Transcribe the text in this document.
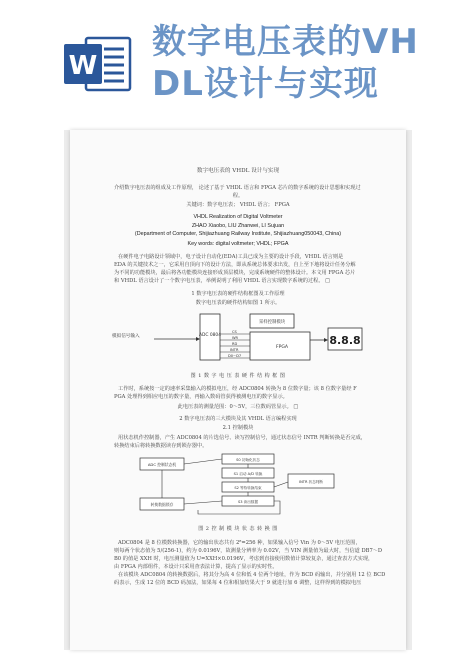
W
数字电压表的VH
DL设计与实现
数字电压表的 VHDL 设计与实现
介绍数字电压表的组成及工作原理， 论述了基于 VHDL 语言和 FPGA 芯片的数字系统的设计思想和实现过
程。
关键词：数字电压表； VHDL 语言； FPGA
VHDL Realization of Digital Voltmeter
ZHAO Xiaobo, LIU Zhanwei, LI Sujuan
(Department of Computer, Shijiazhuang Railway Institute, Shijiazhuang050043, China)
Key words: digital voltmeter; VHDL; FPGA
在硬件电子电路设计领域中，电子设计自动化(EDA)工具已成为主要的设计手段，VHDL 语言则是
EDA 的关键技术之一，它采用自顶向下的设计方法，即从系统总体要求出发，自上至下地将设计任务分解
为不同的功能模块，最后将各功能模块连接形成顶层模块，完成系统硬件的整体设计。本文用 FPGA 芯片
和 VHDL 语言设计了一个数字电压表，举例说明了利用 VHDL 语言实现数字系统的过程。 □
1 数字电压表的硬件结构框图及工作原理
数字电压表的硬件结构如图 1 所示。
模拟信号输入	ADC 0804
采样控制模块
CS
WR
RD
INTR
D0~D7
FPGA
8.8.8
图 1 数 字 电 压 表 硬 件 结 构 框 图
工作时，系统按一定的速率采集输入的模拟电压，经 ADC0804 转换为 8 位数字量；该 8 位数字量经 F
PGA 处理得到相应电压的数字量，再输入数码管获得被测电压的数字显示。
此电压表的测量范围：0～5V，三位数码管显示。 □
2 数字电压表的三大模块及其 VHDL 语言编程实现
2.1 控制模块
用状态机作控制器，产生 ADC0804 的片选信号、读写控制信号，通过状态信号 INTR 判断转换是否完成，
转换结束后将转换数据读存到锁存器中。
ADC 控制状态机
转换数据锁存
S0 初始化状态
S1 启动 A/D 转换
S2 等待转换结束
S3 读出数据
INTR 状态判断
图 2 控 制 模 块 状 态 转 换 图
ADC0804 是 8 位模数转换器，它的输出状态共有 2⁸=256 种，如果输入信号 Vin 为 0～5V 电压范围，
则每两个状态值为 5/(256-1)，约为 0.0196V，故测量分辨率为 0.02V，当 VIN 测量值为最大时，当信道 DB7～D
B0 的值是 XXH 时，电压测量值为 U=XXH×0.0196V，考虑到直接使用数值计算较复杂，通过查表方式实现，
由 FPGA 内部组件，本设计只采用查表法计算，提高了显示的实时性。
在该模块 ADC0804 的转换数据后，将其分为高 4 位和低 4 位两个地址，作为 BCD 码输出，并分别用 12 位 BCD
码表示，生成 12 位的 BCD 码加法，如果每 4 位和相加结果大于 9 就进行加 6 调整，这样得到的模拟电压
